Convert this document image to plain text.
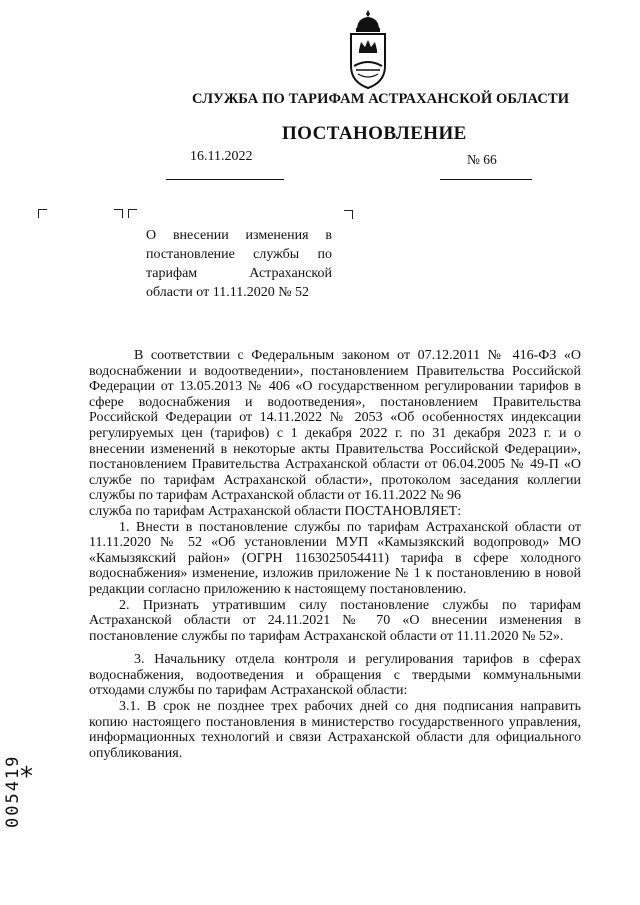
СЛУЖБА ПО ТАРИФАМ АСТРАХАНСКОЙ ОБЛАСТИ
ПОСТАНОВЛЕНИЕ
16.11.2022	№ 66
О внесении изменения в постановление службы по тарифам Астраханской области от 11.11.2020 № 52

В соответствии с Федеральным законом от 07.12.2011 № 416-ФЗ «О водоснабжении и водоотведении», постановлением Правительства Российской Федерации от 13.05.2013 № 406 «О государственном регулировании тарифов в сфере водоснабжения и водоотведения», постановлением Правительства Российской Федерации от 14.11.2022 № 2053 «Об особенностях индексации регулируемых цен (тарифов) с 1 декабря 2022 г. по 31 декабря 2023 г. и о внесении изменений в некоторые акты Правительства Российской Федерации», постановлением Правительства Астраханской области от 06.04.2005 № 49-П «О службе по тарифам Астраханской области», протоколом заседания коллегии службы по тарифам Астраханской области от 16.11.2022 № 96

служба по тарифам Астраханской области ПОСТАНОВЛЯЕТ:

1. Внести в постановление службы по тарифам Астраханской области от 11.11.2020 № 52 «Об установлении МУП «Камызякский водопровод» МО «Камызякский район» (ОГРН 1163025054411) тарифа в сфере холодного водоснабжения» изменение, изложив приложение № 1 к постановлению в новой редакции согласно приложению к настоящему постановлению.

2. Признать утратившим силу постановление службы по тарифам Астраханской области от 24.11.2021 № 70 «О внесении изменения в постановление службы по тарифам Астраханской области от 11.11.2020 № 52».

3. Начальнику отдела контроля и регулирования тарифов в сферах водоснабжения, водоотведения и обращения с твердыми коммунальными отходами службы по тарифам Астраханской области:

3.1. В срок не позднее трех рабочих дней со дня подписания направить копию настоящего постановления в министерство государственного управления, информационных технологий и связи Астраханской области для официального опубликования.

*
005419
